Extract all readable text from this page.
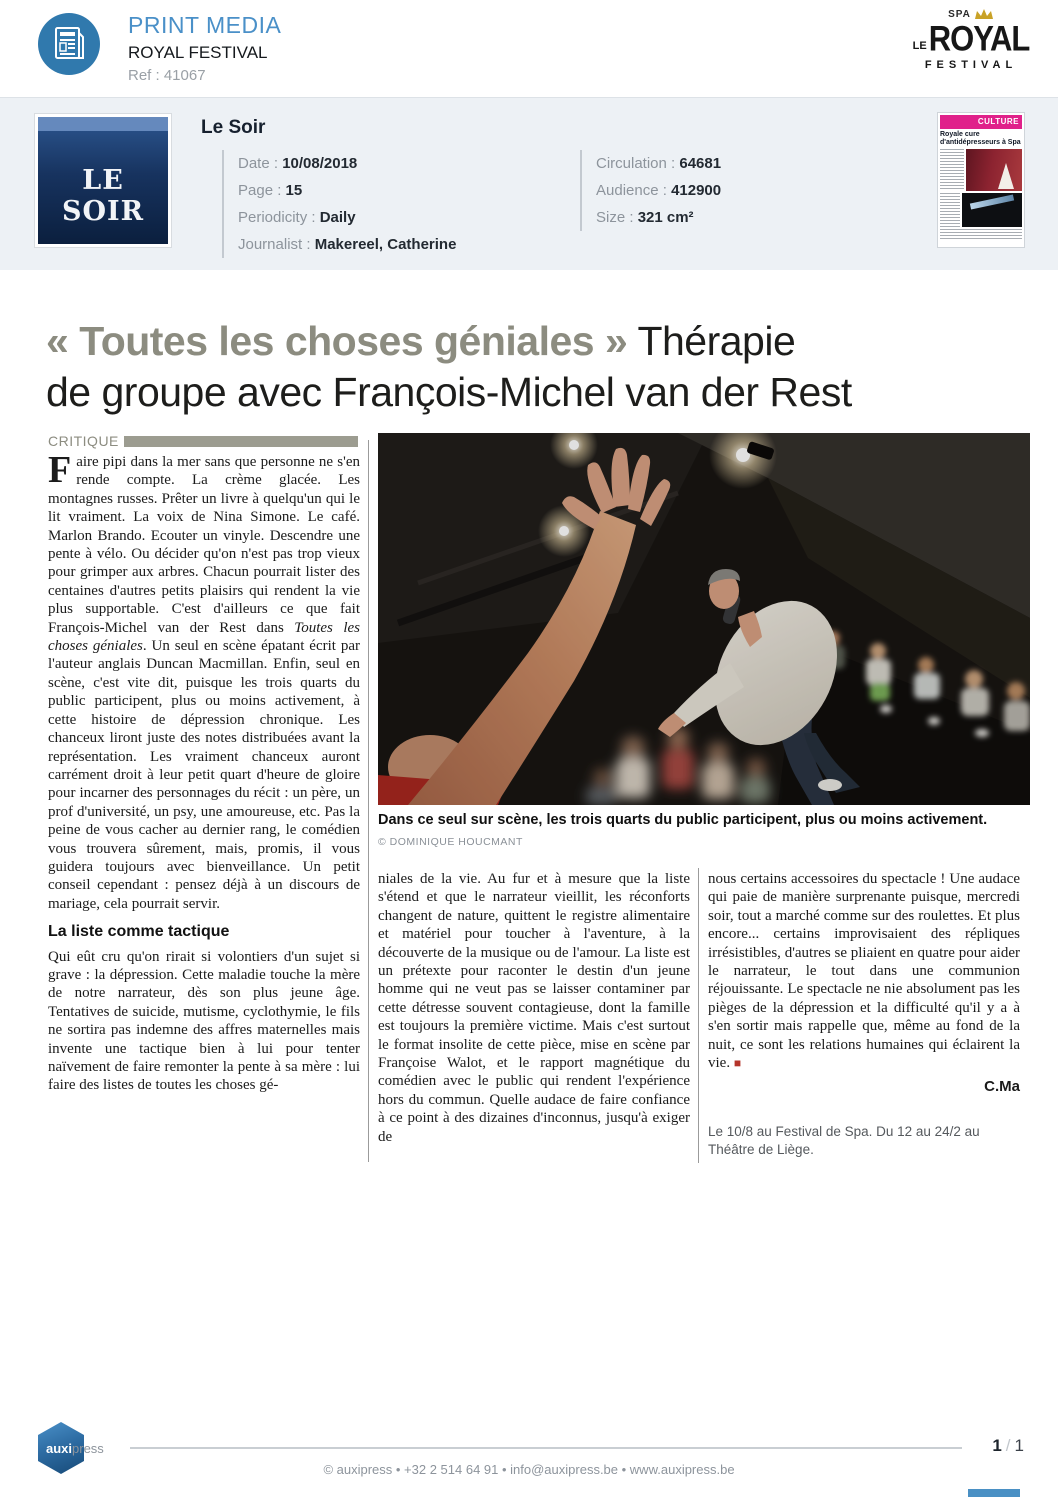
PRINT MEDIA
ROYAL FESTIVAL
Ref : 41067
SPA
LE ROYAL
FESTIVAL
LE SOIR
Le Soir
Date : 10/08/2018
Page : 15
Periodicity : Daily
Journalist : Makereel, Catherine
Circulation : 64681
Audience : 412900
Size : 321 cm²
CULTURE
Royale cure d'antidépresseurs à Spa
« Toutes les choses géniales » Thérapie
de groupe avec François-Michel van der Rest
CRITIQUE

Faire pipi dans la mer sans que personne ne s'en rende compte. La crème glacée. Les montagnes russes. Prêter un livre à quelqu'un qui le lit vraiment. La voix de Nina Simone. Le café. Marlon Brando. Ecouter un vinyle. Descendre une pente à vélo. Ou décider qu'on n'est pas trop vieux pour grimper aux arbres. Chacun pourrait lister des centaines d'autres petits plaisirs qui rendent la vie plus supportable. C'est d'ailleurs ce que fait François-Michel van der Rest dans Toutes les choses géniales. Un seul en scène épatant écrit par l'auteur anglais Duncan Macmillan. Enfin, seul en scène, c'est vite dit, puisque les trois quarts du public participent, plus ou moins activement, à cette histoire de dépression chronique. Les chanceux liront juste des notes distribuées avant la représentation. Les vraiment chanceux auront carrément droit à leur petit quart d'heure de gloire pour incarner des personnages du récit : un père, un prof d'université, un psy, une amoureuse, etc. Pas la peine de vous cacher au dernier rang, le comédien vous trouvera sûrement, mais, promis, il vous guidera toujours avec bienveillance. Un petit conseil cependant : pensez déjà à un discours de mariage, cela pourrait servir.

La liste comme tactique

Qui eût cru qu'on rirait si volontiers d'un sujet si grave : la dépression. Cette maladie touche la mère de notre narrateur, dès son plus jeune âge. Tentatives de suicide, mutisme, cyclothymie, le fils ne sortira pas indemne des affres maternelles mais invente une tactique bien à lui pour tenter naïvement de faire remonter la pente à sa mère : lui faire des listes de toutes les choses gé-

Dans ce seul sur scène, les trois quarts du public participent, plus ou moins activement.
© DOMINIQUE HOUCMANT

niales de la vie. Au fur et à mesure que la liste s'étend et que le narrateur vieillit, les réconforts changent de nature, quittent le registre alimentaire et matériel pour toucher à l'aventure, à la découverte de la musique ou de l'amour. La liste est un prétexte pour raconter le destin d'un jeune homme qui ne veut pas se laisser contaminer par cette détresse souvent contagieuse, dont la famille est toujours la première victime. Mais c'est surtout le format insolite de cette pièce, mise en scène par Françoise Walot, et le rapport magnétique du comédien avec le public qui rendent l'expérience hors du commun. Quelle audace de faire confiance à ce point à des dizaines d'inconnus, jusqu'à exiger de

nous certains accessoires du spectacle ! Une audace qui paie de manière surprenante puisque, mercredi soir, tout a marché comme sur des roulettes. Et plus encore... certains improvisaient des répliques irrésistibles, d'autres se pliaient en quatre pour aider le narrateur, le tout dans une communion réjouissante. Le spectacle ne nie absolument pas les pièges de la dépression et la difficulté qu'il y a à s'en sortir mais rappelle que, même au fond de la nuit, ce sont les relations humaines qui éclairent la vie. ■

C.Ma
Le 10/8 au Festival de Spa. Du 12 au 24/2 au Théâtre de Liège.
auxipress	1 / 1
© auxipress • +32 2 514 64 91 • info@auxipress.be • www.auxipress.be
